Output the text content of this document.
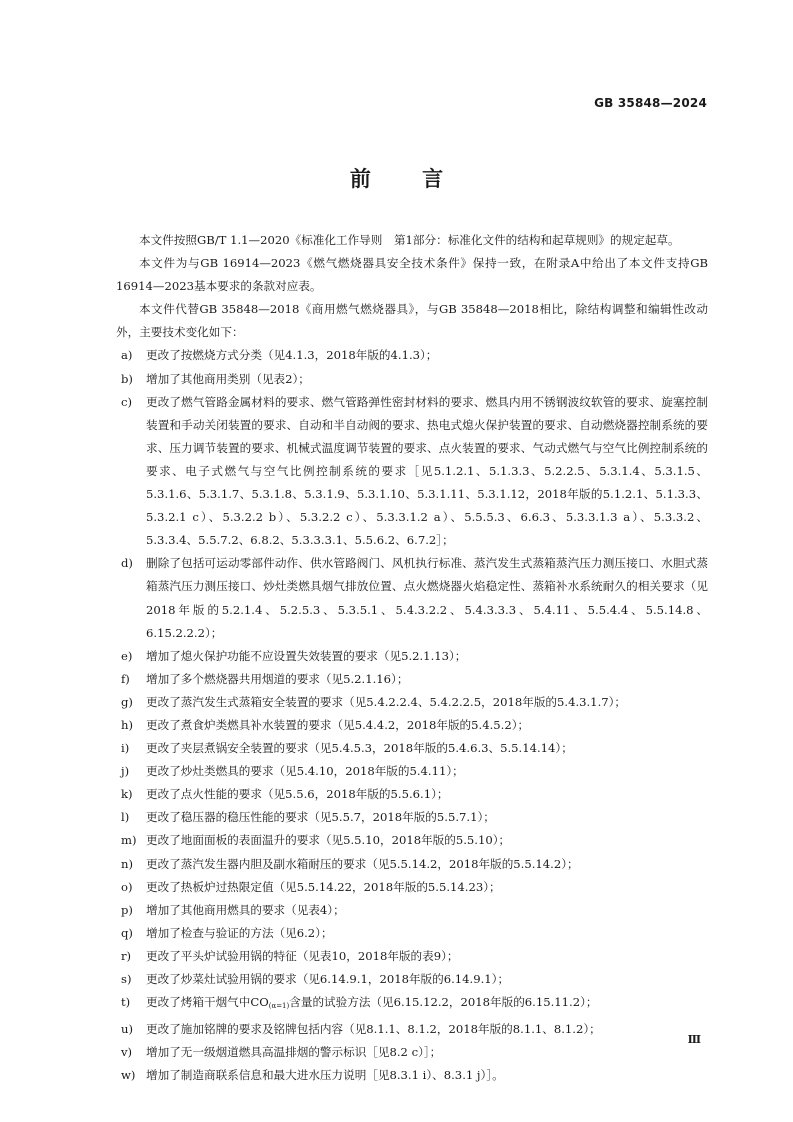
GB 35848—2024
前 言

本文件按照GB/T 1.1—2020《标准化工作导则　第1部分：标准化文件的结构和起草规则》的规定起草。

本文件为与GB 16914—2023《燃气燃烧器具安全技术条件》保持一致，在附录A中给出了本文件支持GB 16914—2023基本要求的条款对应表。

本文件代替GB 35848—2018《商用燃气燃烧器具》，与GB 35848—2018相比，除结构调整和编辑性改动外，主要技术变化如下：

a)	更改了按燃烧方式分类（见4.1.3，2018年版的4.1.3）；
b)	增加了其他商用类别（见表2）；
c)	更改了燃气管路金属材料的要求、燃气管路弹性密封材料的要求、燃具内用不锈钢波纹软管的要求、旋塞控制装置和手动关闭装置的要求、自动和半自动阀的要求、热电式熄火保护装置的要求、自动燃烧器控制系统的要求、压力调节装置的要求、机械式温度调节装置的要求、点火装置的要求、气动式燃气与空气比例控制系统的要求、电子式燃气与空气比例控制系统的要求［见5.1.2.1、5.1.3.3、5.2.2.5、5.3.1.4、5.3.1.5、5.3.1.6、5.3.1.7、5.3.1.8、5.3.1.9、5.3.1.10、5.3.1.11、5.3.1.12，2018年版的5.1.2.1、5.1.3.3、5.3.2.1 c）、5.3.2.2 b）、5.3.2.2 c）、5.3.3.1.2 a）、5.5.5.3、6.6.3、5.3.3.1.3 a）、5.3.3.2、5.3.3.4、5.5.7.2、6.8.2、5.3.3.3.1、5.5.6.2、6.7.2］；
d)	删除了包括可运动零部件动作、供水管路阀门、风机执行标准、蒸汽发生式蒸箱蒸汽压力测压接口、水胆式蒸箱蒸汽压力测压接口、炒灶类燃具烟气排放位置、点火燃烧器火焰稳定性、蒸箱补水系统耐久的相关要求（见2018年版的5.2.1.4、5.2.5.3、5.3.5.1、5.4.3.2.2、5.4.3.3.3、5.4.11、5.5.4.4、5.5.14.8、6.15.2.2.2）；
e)	增加了熄火保护功能不应设置失效装置的要求（见5.2.1.13）；
f)	增加了多个燃烧器共用烟道的要求（见5.2.1.16）；
g)	更改了蒸汽发生式蒸箱安全装置的要求（见5.4.2.2.4、5.4.2.2.5，2018年版的5.4.3.1.7）；
h)	更改了煮食炉类燃具补水装置的要求（见5.4.4.2，2018年版的5.4.5.2）；
i)	更改了夹层煮锅安全装置的要求（见5.4.5.3，2018年版的5.4.6.3、5.5.14.14）；
j)	更改了炒灶类燃具的要求（见5.4.10，2018年版的5.4.11）；
k)	更改了点火性能的要求（见5.5.6，2018年版的5.5.6.1）；
l)	更改了稳压器的稳压性能的要求（见5.5.7，2018年版的5.5.7.1）；
m) 更改了地面面板的表面温升的要求（见5.5.10，2018年版的5.5.10）；
n)	更改了蒸汽发生器内胆及副水箱耐压的要求（见5.5.14.2，2018年版的5.5.14.2）；
o)	更改了热板炉过热限定值（见5.5.14.22，2018年版的5.5.14.23）；
p)	增加了其他商用燃具的要求（见表4）；
q)	增加了检查与验证的方法（见6.2）；
r)	更改了平头炉试验用锅的特征（见表10，2018年版的表9）；
s)	更改了炒菜灶试验用锅的要求（见6.14.9.1，2018年版的6.14.9.1）；
t)	更改了烤箱干烟气中$CO_{(\alpha=1)}$含量的试验方法（见6.15.12.2，2018年版的6.15.11.2）；
u)	更改了施加铭牌的要求及铭牌包括内容（见8.1.1、8.1.2，2018年版的8.1.1、8.1.2）；
v)	增加了无一级烟道燃具高温排烟的警示标识［见8.2 c）］；
w) 增加了制造商联系信息和最大进水压力说明［见8.3.1 i）、8.3.1 j）］。
Ⅲ
